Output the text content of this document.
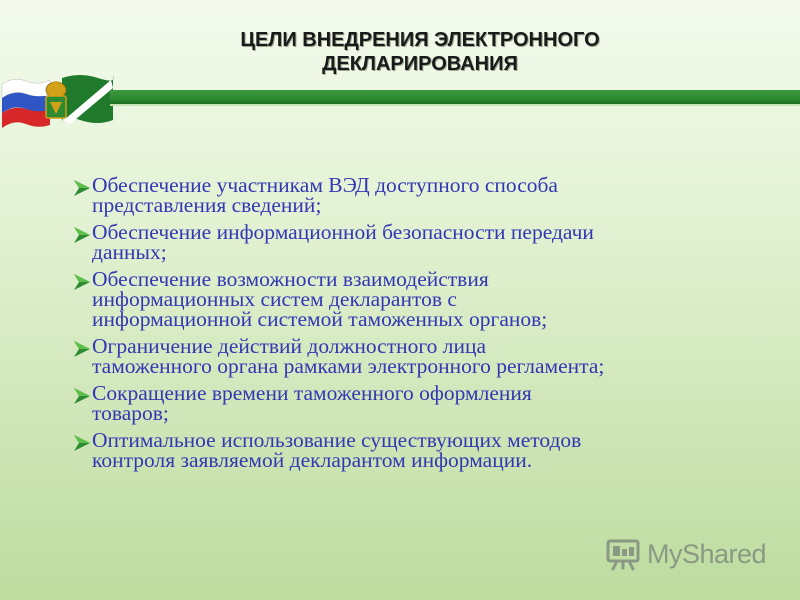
ЦЕЛИ ВНЕДРЕНИЯ ЭЛЕКТРОННОГО
ДЕКЛАРИРОВАНИЯ
Обеспечение участникам ВЭД доступного способа
представления сведений;
Обеспечение информационной безопасности передачи
данных;
Обеспечение возможности взаимодействия
информационных систем декларантов с
информационной системой таможенных органов;
Ограничение действий должностного лица
таможенного органа рамками электронного регламента;
Сокращение времени таможенного оформления
товаров;
Оптимальное использование существующих методов
контроля заявляемой декларантом информации.
MyShared
